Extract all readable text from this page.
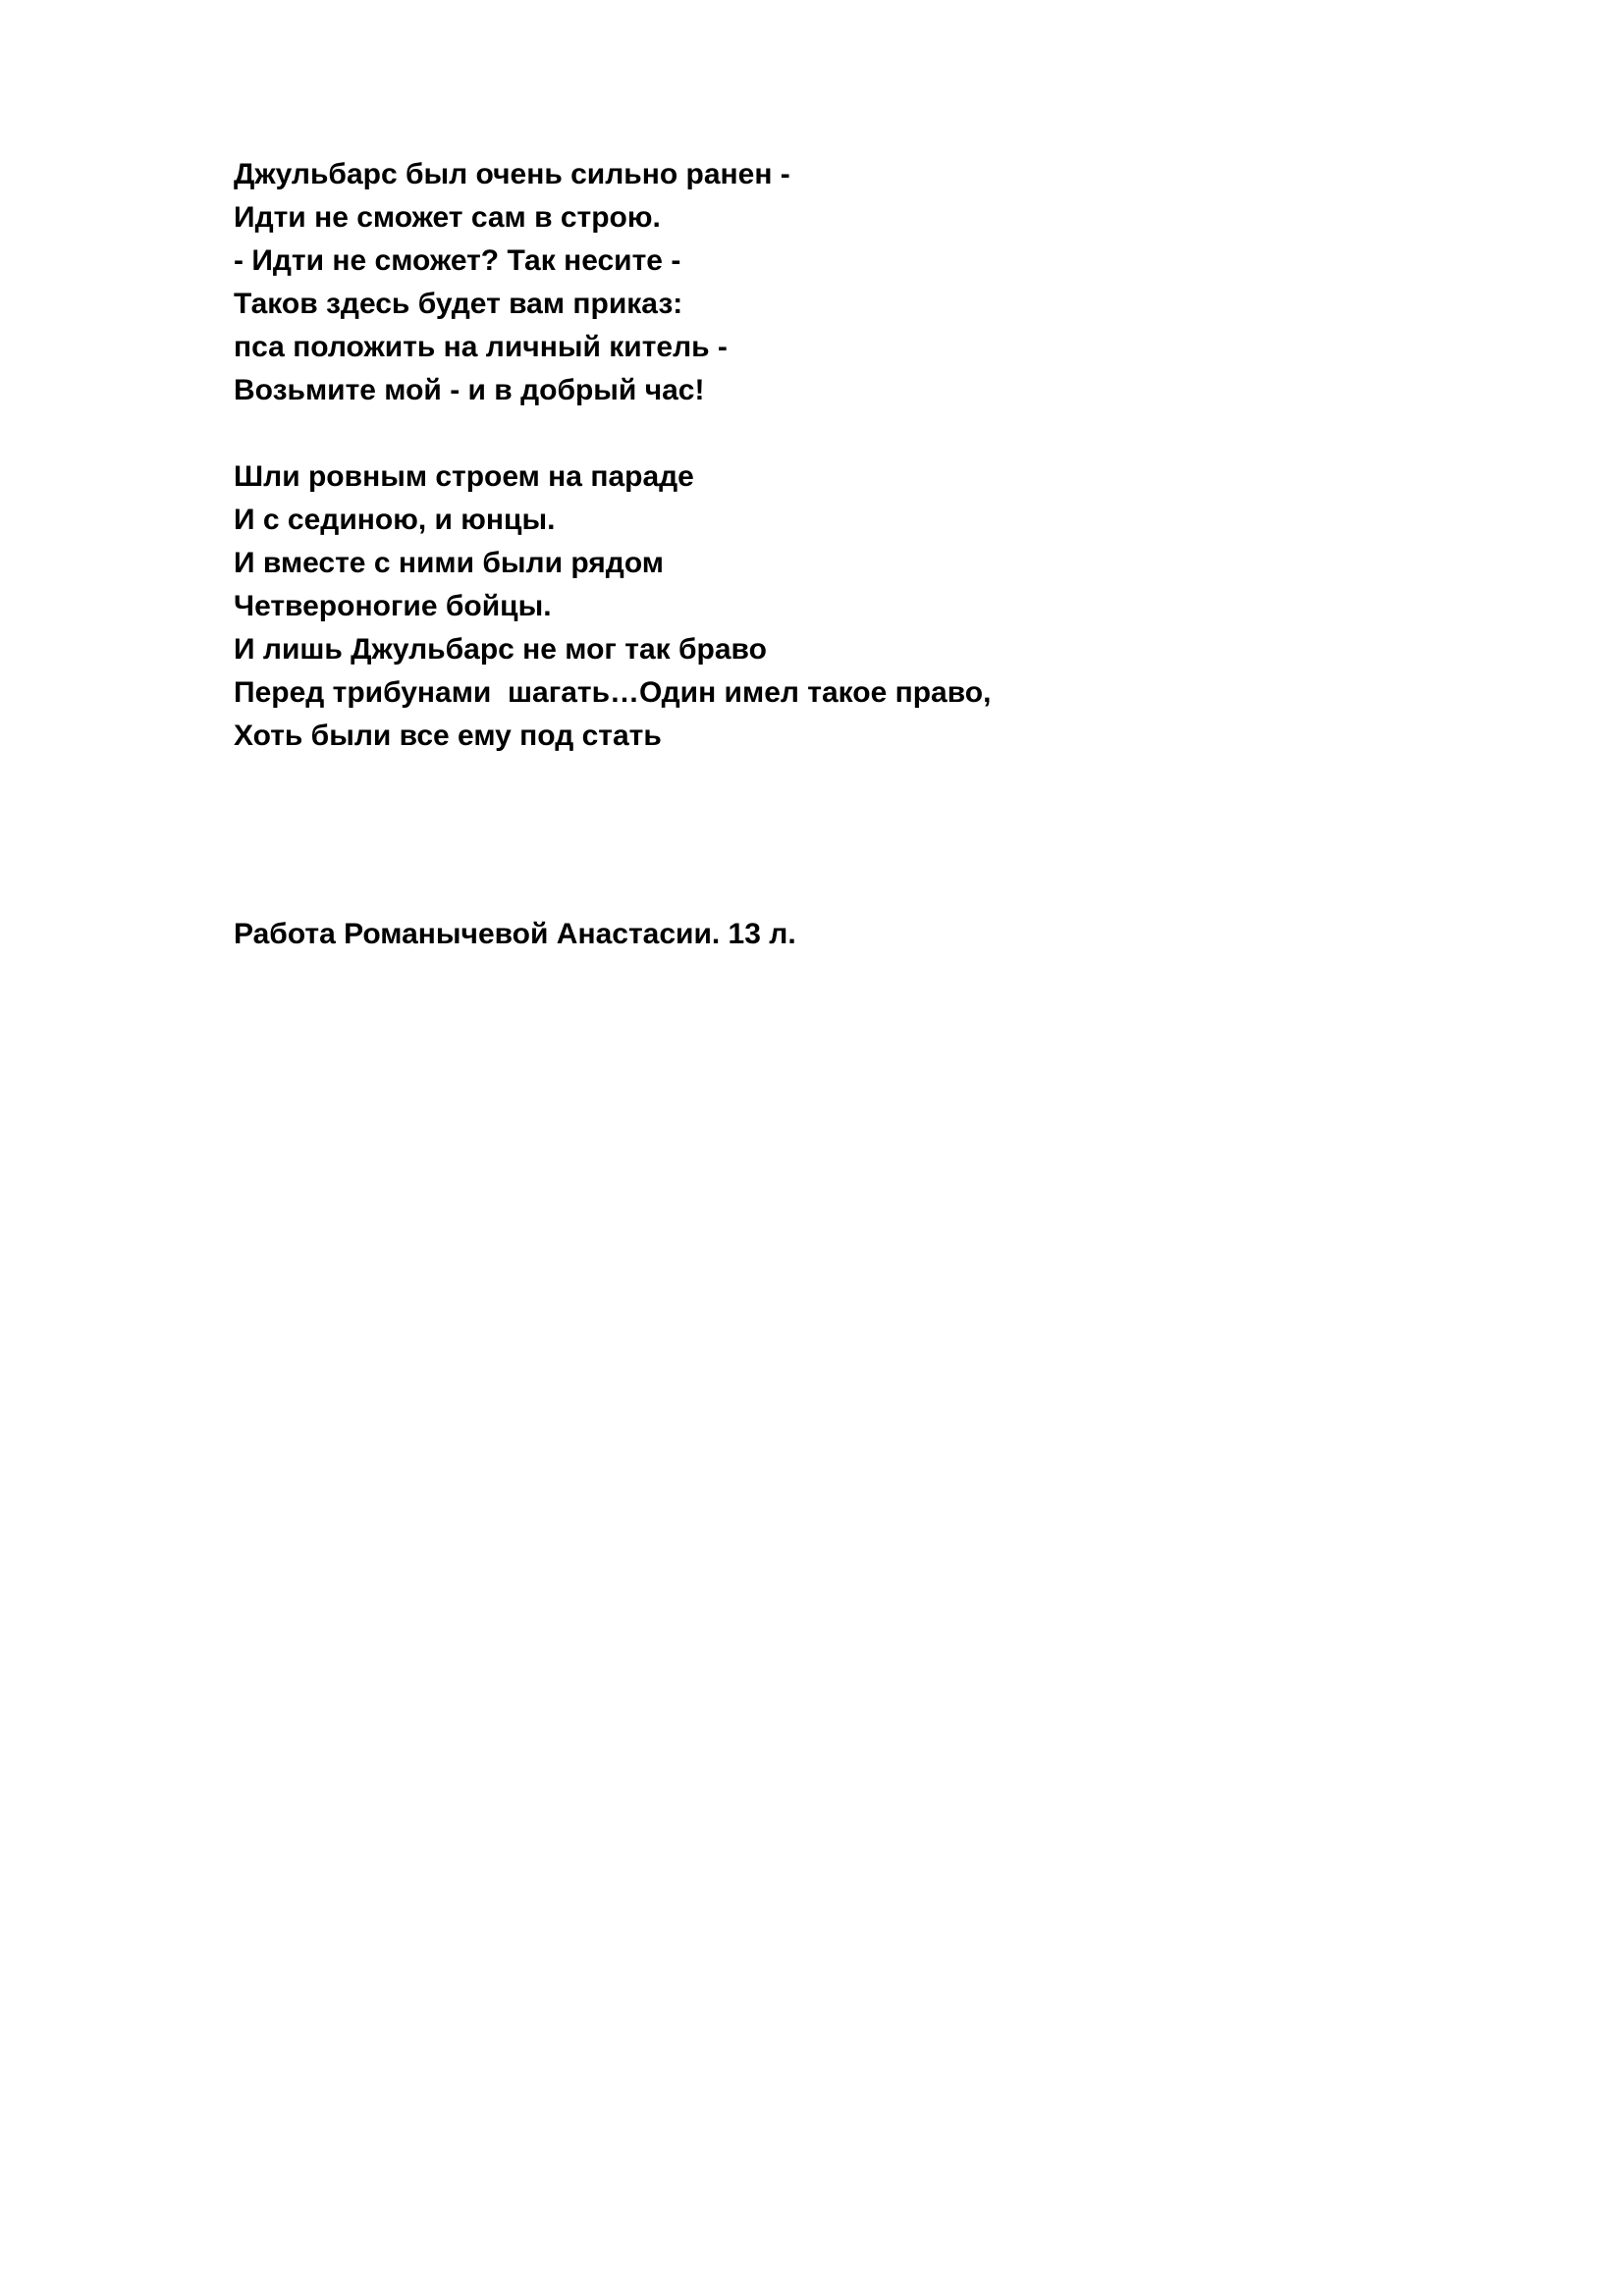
Джульбарс был очень сильно ранен -
Идти не сможет сам в строю.
- Идти не сможет? Так несите -
Таков здесь будет вам приказ:
пса положить на личный китель -
Возьмите мой - и в добрый час!
Шли ровным строем на параде
И с сединою, и юнцы.
И вместе с ними были рядом
Четвероногие бойцы.
И лишь Джульбарс не мог так браво
Перед трибунами  шагать…Один имел такое право,
Хоть были все ему под стать
Работа Романычевой Анастасии. 13 л.
